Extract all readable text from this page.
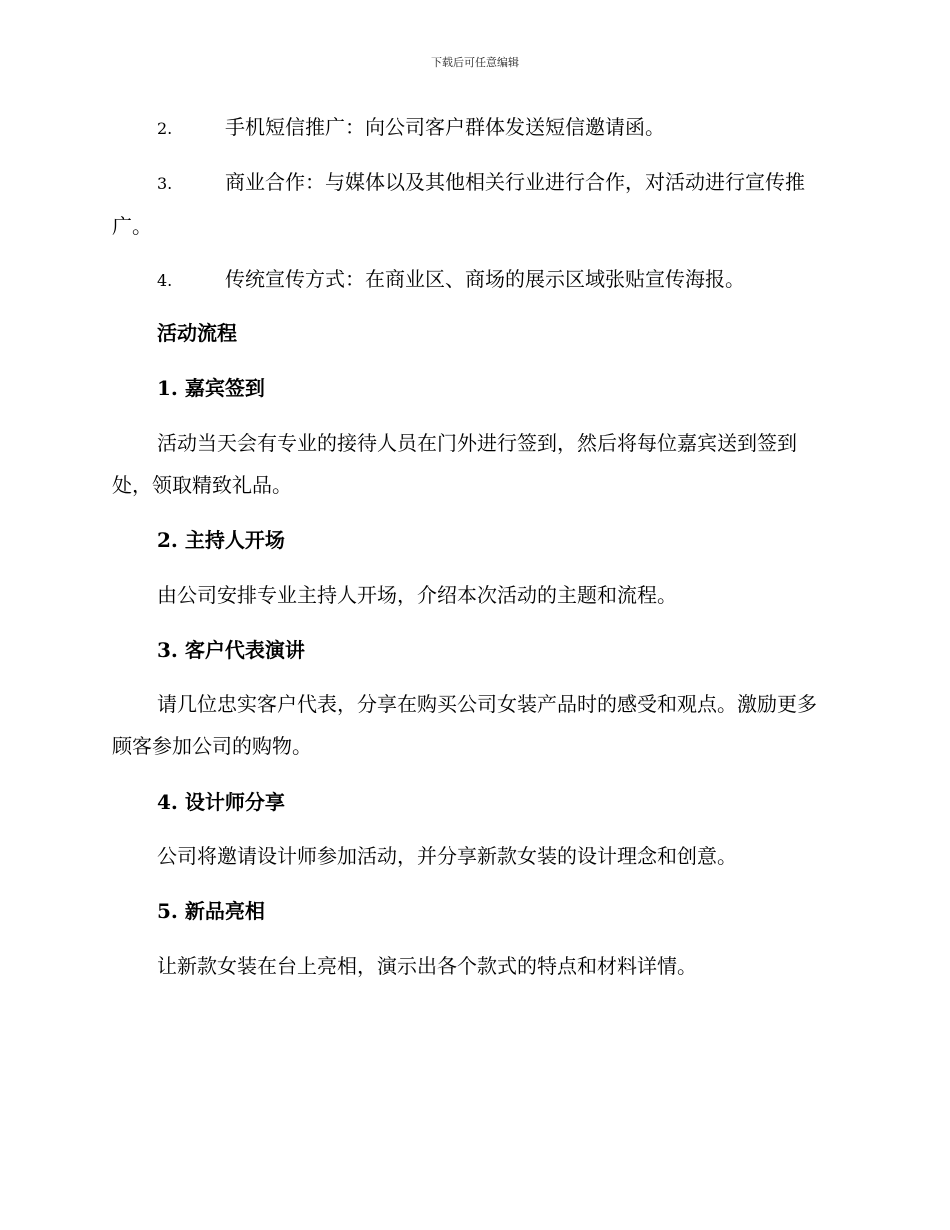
下载后可任意编辑
2.	手机短信推广：向公司客户群体发送短信邀请函。
3.	商业合作：与媒体以及其他相关行业进行合作，对活动进行宣传推广。
4.	传统宣传方式：在商业区、商场的展示区域张贴宣传海报。
活动流程
1. 嘉宾签到
活动当天会有专业的接待人员在门外进行签到，然后将每位嘉宾送到签到处，领取精致礼品。
2. 主持人开场
由公司安排专业主持人开场，介绍本次活动的主题和流程。
3. 客户代表演讲
请几位忠实客户代表，分享在购买公司女装产品时的感受和观点。激励更多顾客参加公司的购物。
4. 设计师分享
公司将邀请设计师参加活动，并分享新款女装的设计理念和创意。
5. 新品亮相
让新款女装在台上亮相，演示出各个款式的特点和材料详情。
